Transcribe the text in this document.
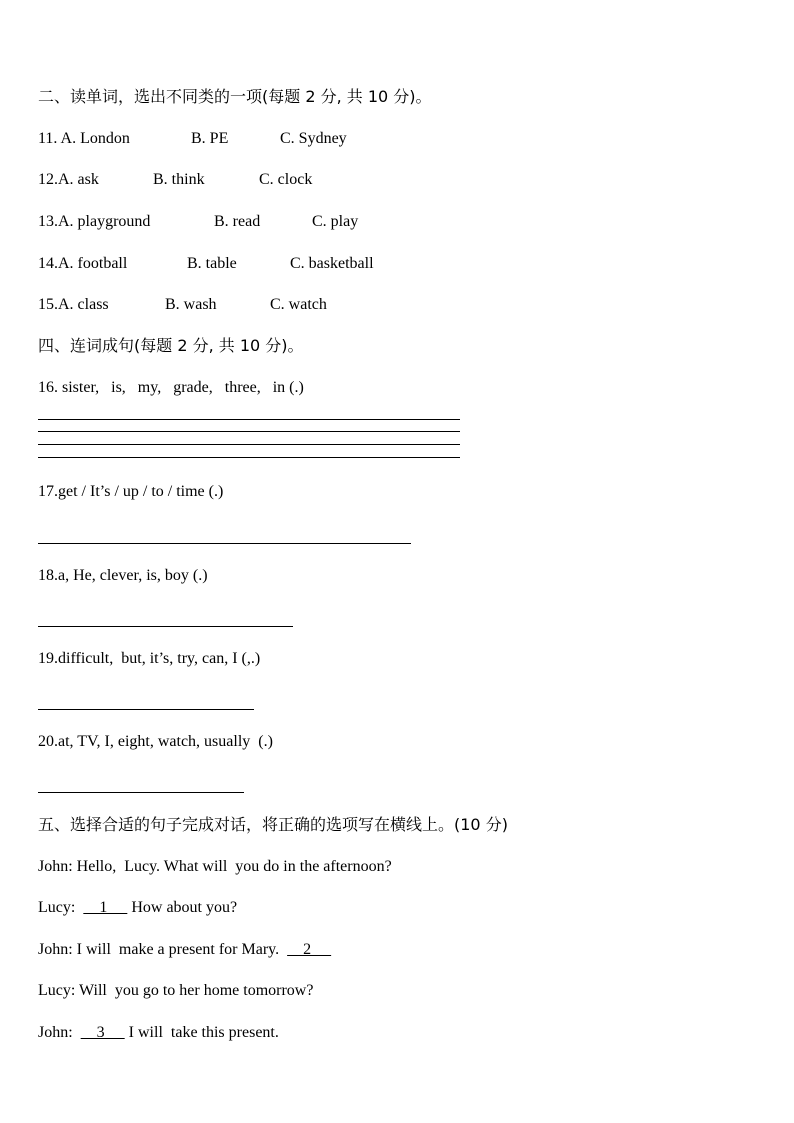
二、读单词，选出不同类的一项(每题 2 分, 共 10 分)。
11. A. London	B. PE	C. Sydney
12.A. ask	B. think	C. clock
13.A. playground	B. read	C. play
14.A. football	B. table	C. basketball
15.A. class	B. wash	C. watch
四、连词成句(每题 2 分, 共 10 分)。
16. sister,   is,   my,   grade,   three,   in (.)
17.get / It’s / up / to / time (.)
18.a, He, clever, is, boy (.)
19.difficult,  but, it’s, try, can, I (,.)
20.at, TV, I, eight, watch, usually  (.)
五、选择合适的句子完成对话，将正确的选项写在横线上。(10 分)
John: Hello,  Lucy. What will  you do in the afternoon?
Lucy:      1      How about you?
John: I will  make a present for Mary.      2
Lucy: Will  you go to her home tomorrow?
John:      3      I will  take this present.
